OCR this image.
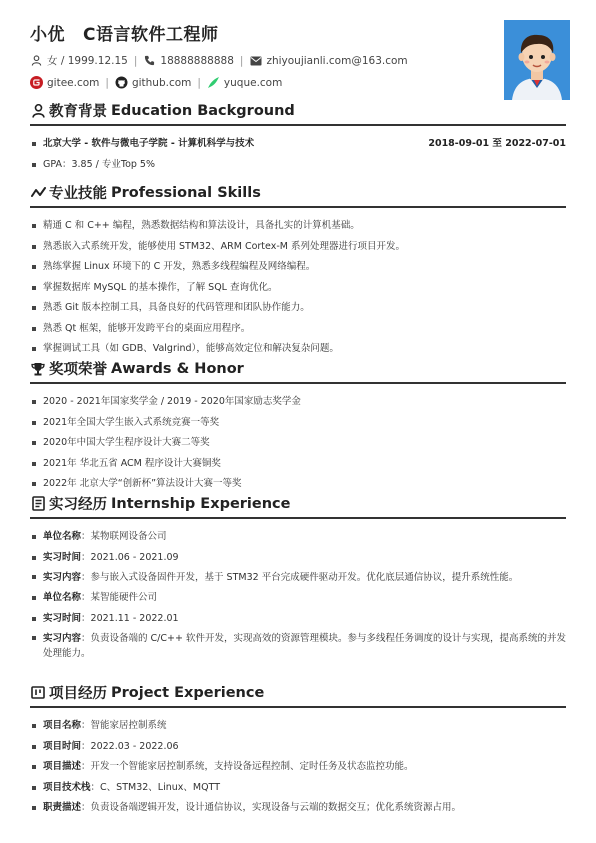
小优 C语言软件工程师
女 / 1999.12.15 | 18888888888 | zhiyoujianli.com@163.com
gitee.com | github.com | yuque.com
教育背景 Education Background
北京大学 - 软件与微电子学院 - 计算机科学与技术	2018-09-01 至 2022-07-01
GPA：3.85 / 专业Top 5%
专业技能 Professional Skills
精通 C 和 C++ 编程，熟悉数据结构和算法设计，具备扎实的计算机基础。
熟悉嵌入式系统开发，能够使用 STM32、ARM Cortex-M 系列处理器进行项目开发。
熟练掌握 Linux 环境下的 C 开发，熟悉多线程编程及网络编程。
掌握数据库 MySQL 的基本操作，了解 SQL 查询优化。
熟悉 Git 版本控制工具，具备良好的代码管理和团队协作能力。
熟悉 Qt 框架，能够开发跨平台的桌面应用程序。
掌握调试工具（如 GDB、Valgrind），能够高效定位和解决复杂问题。
奖项荣誉 Awards & Honor
2020 - 2021年国家奖学金 / 2019 - 2020年国家励志奖学金
2021年全国大学生嵌入式系统竞赛一等奖
2020年中国大学生程序设计大赛二等奖
2021年 华北五省 ACM 程序设计大赛铜奖
2022年 北京大学“创新杯”算法设计大赛一等奖
实习经历 Internship Experience
单位名称：某物联网设备公司
实习时间：2021.06 - 2021.09
实习内容：参与嵌入式设备固件开发，基于 STM32 平台完成硬件驱动开发。优化底层通信协议，提升系统性能。
单位名称：某智能硬件公司
实习时间：2021.11 - 2022.01
实习内容：负责设备端的 C/C++ 软件开发，实现高效的资源管理模块。参与多线程任务调度的设计与实现，提高系统的并发处理能力。
项目经历 Project Experience
项目名称：智能家居控制系统
项目时间：2022.03 - 2022.06
项目描述：开发一个智能家居控制系统，支持设备远程控制、定时任务及状态监控功能。
项目技术栈：C、STM32、Linux、MQTT
职责描述：负责设备端逻辑开发，设计通信协议，实现设备与云端的数据交互；优化系统资源占用。
